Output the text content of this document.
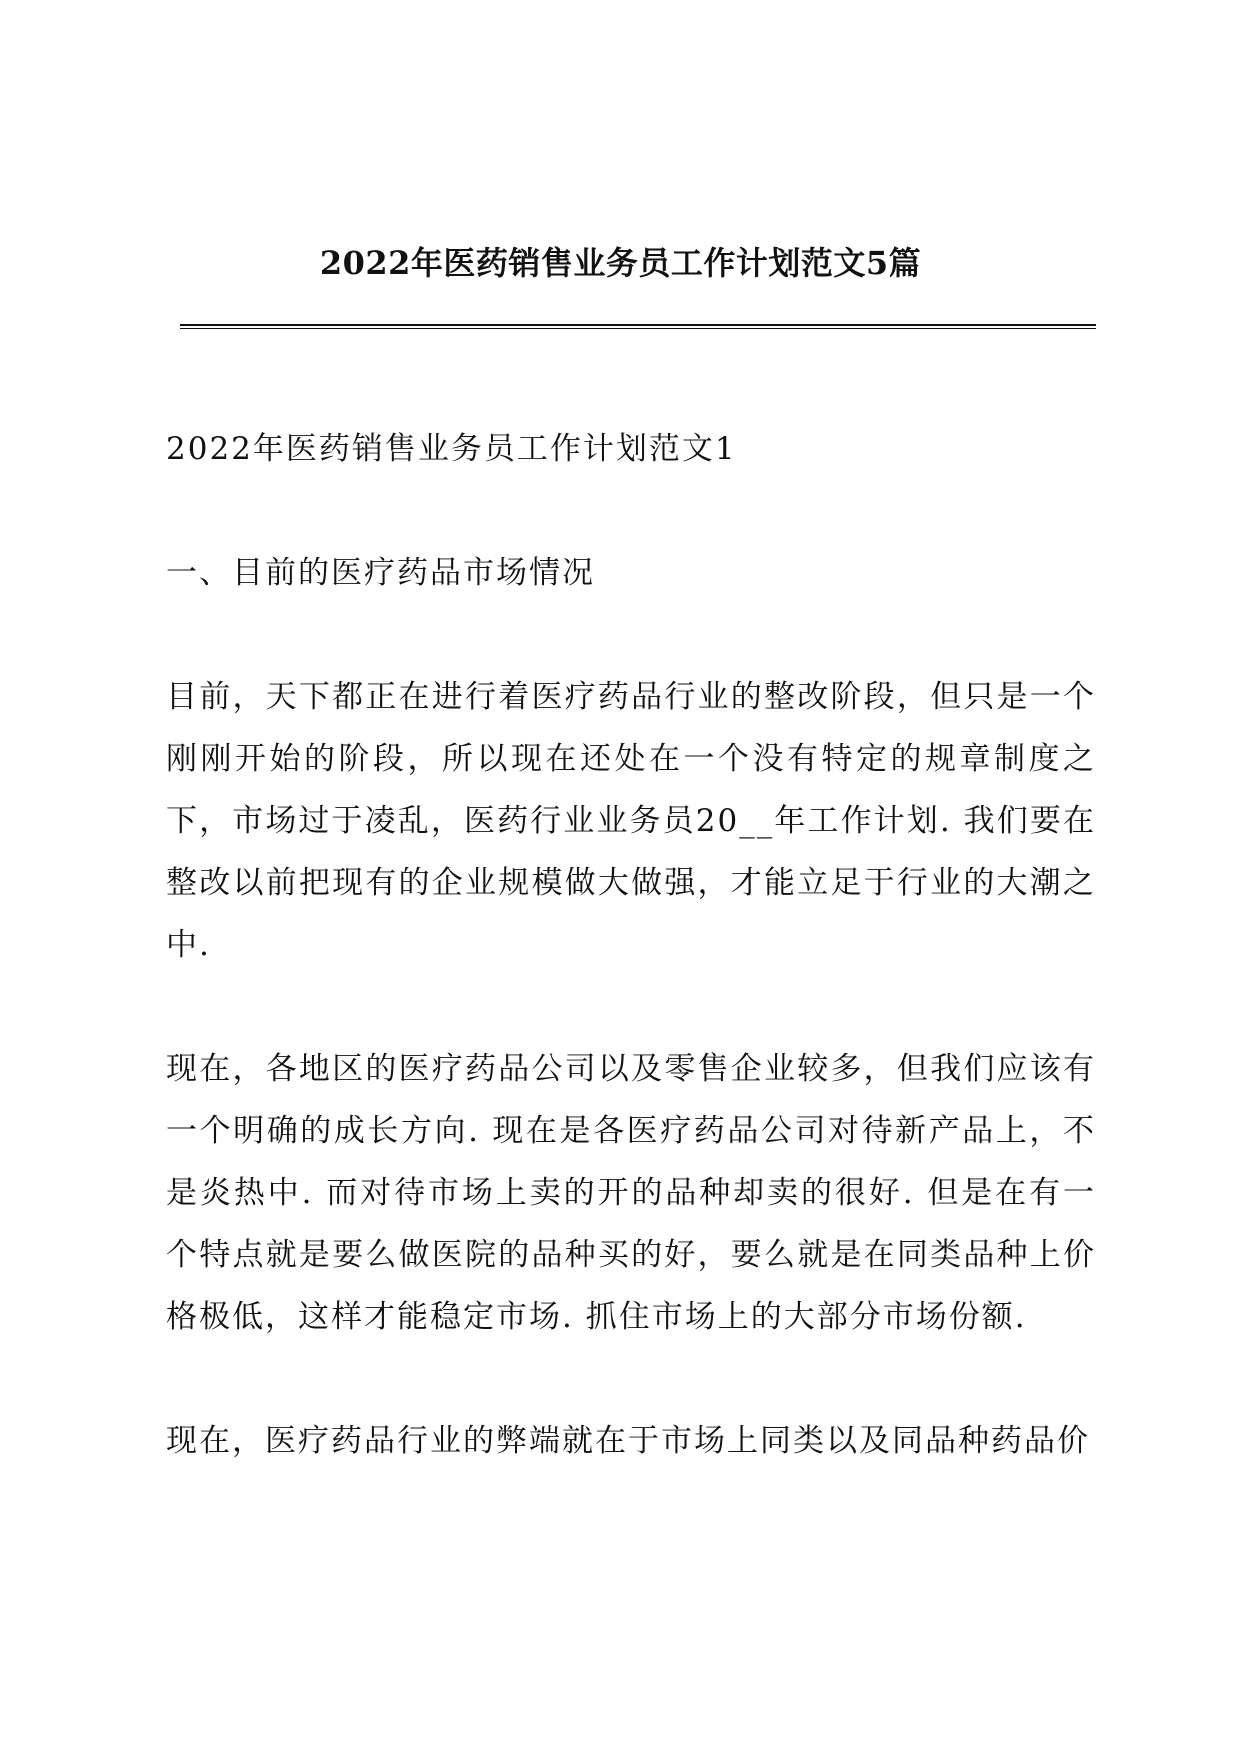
2022年医药销售业务员工作计划范文5篇

2022年医药销售业务员工作计划范文1

一、目前的医疗药品市场情况

目前，天下都正在进行着医疗药品行业的整改阶段，但只是一个刚刚开始的阶段，所以现在还处在一个没有特定的规章制度之下，市场过于凌乱，医药行业业务员20__年工作计划. 我们要在整改以前把现有的企业规模做大做强，才能立足于行业的大潮之中.

现在，各地区的医疗药品公司以及零售企业较多，但我们应该有一个明确的成长方向. 现在是各医疗药品公司对待新产品上，不是炎热中. 而对待市场上卖的开的品种却卖的很好. 但是在有一个特点就是要么做医院的品种买的好，要么就是在同类品种上价格极低，这样才能稳定市场. 抓住市场上的大部分市场份额.

现在，医疗药品行业的弊端就在于市场上同类以及同品种药品价
